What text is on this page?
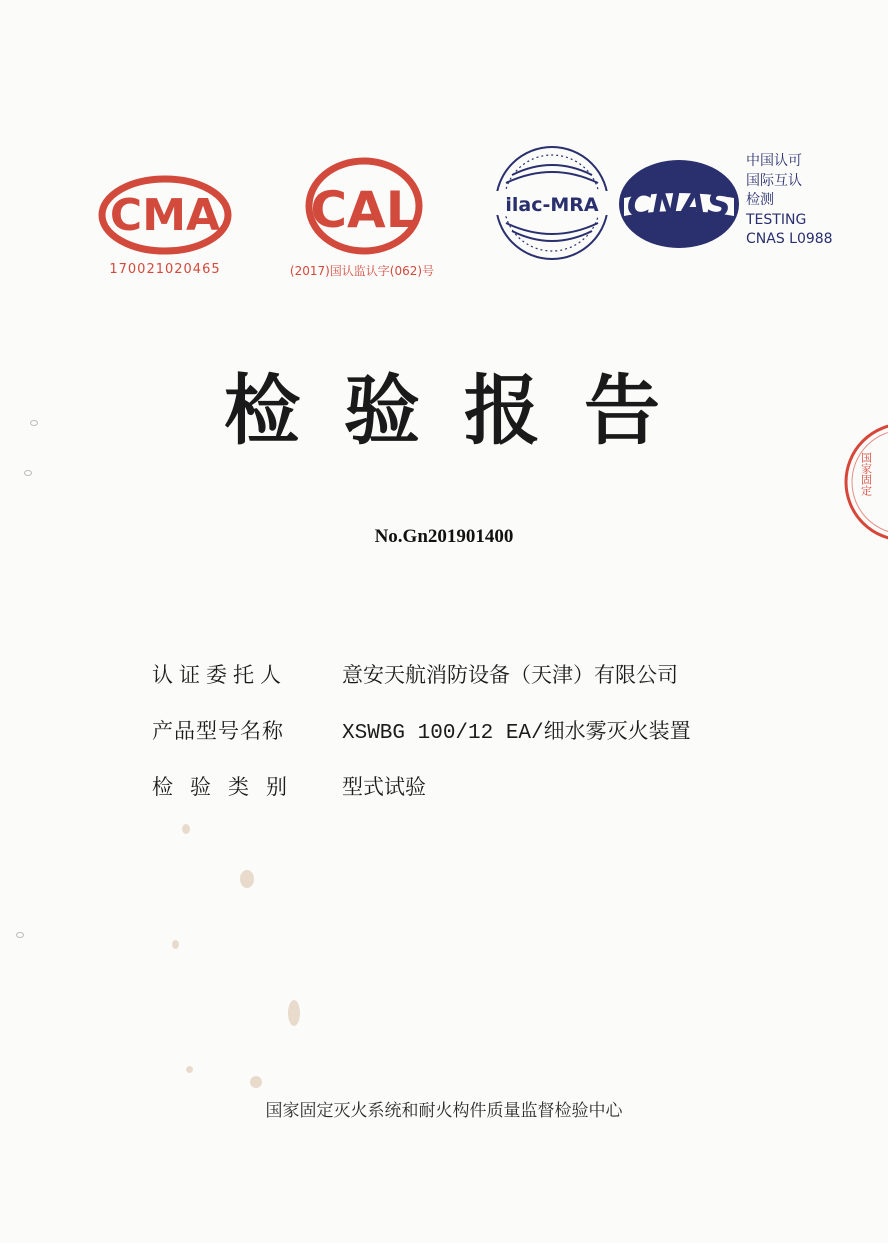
CMA
170021020465
CAL
(2017)国认监认字(062)号
ilac-MRA CNAS
中国认可
国际互认
检测
TESTING
CNAS L0988
检验报告
No.Gn201901400
认证委托人	意安天航消防设备（天津）有限公司
产品型号名称	XSWBG 100/12 EA/细水雾灭火装置
检验类别	型式试验
国家固定灭火系统和耐火构件质量监督检验中心
国家固定
